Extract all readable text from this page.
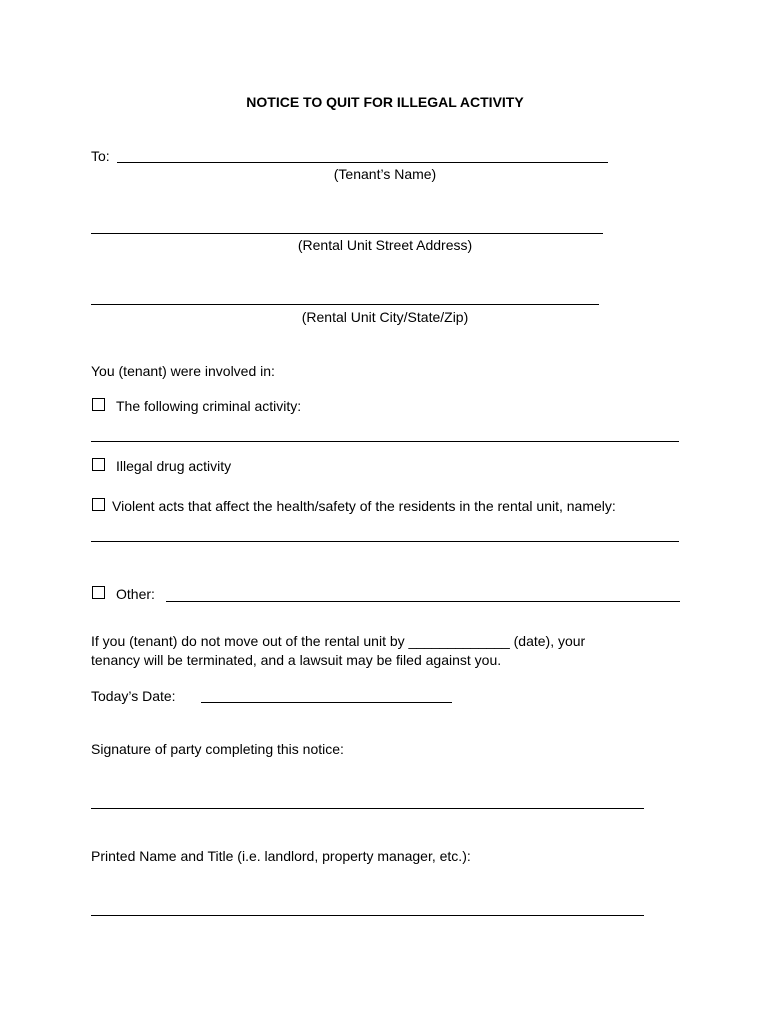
NOTICE TO QUIT FOR ILLEGAL ACTIVITY
To:
(Tenant’s Name)
(Rental Unit Street Address)
(Rental Unit City/State/Zip)
You (tenant) were involved in:
The following criminal activity:
Illegal drug activity
Violent acts that affect the health/safety of the residents in the rental unit, namely:
Other:
If you (tenant) do not move out of the rental unit by _____________ (date), your
tenancy will be terminated, and a lawsuit may be filed against you.
Today’s Date:
Signature of party completing this notice:
Printed Name and Title (i.e. landlord, property manager, etc.):
